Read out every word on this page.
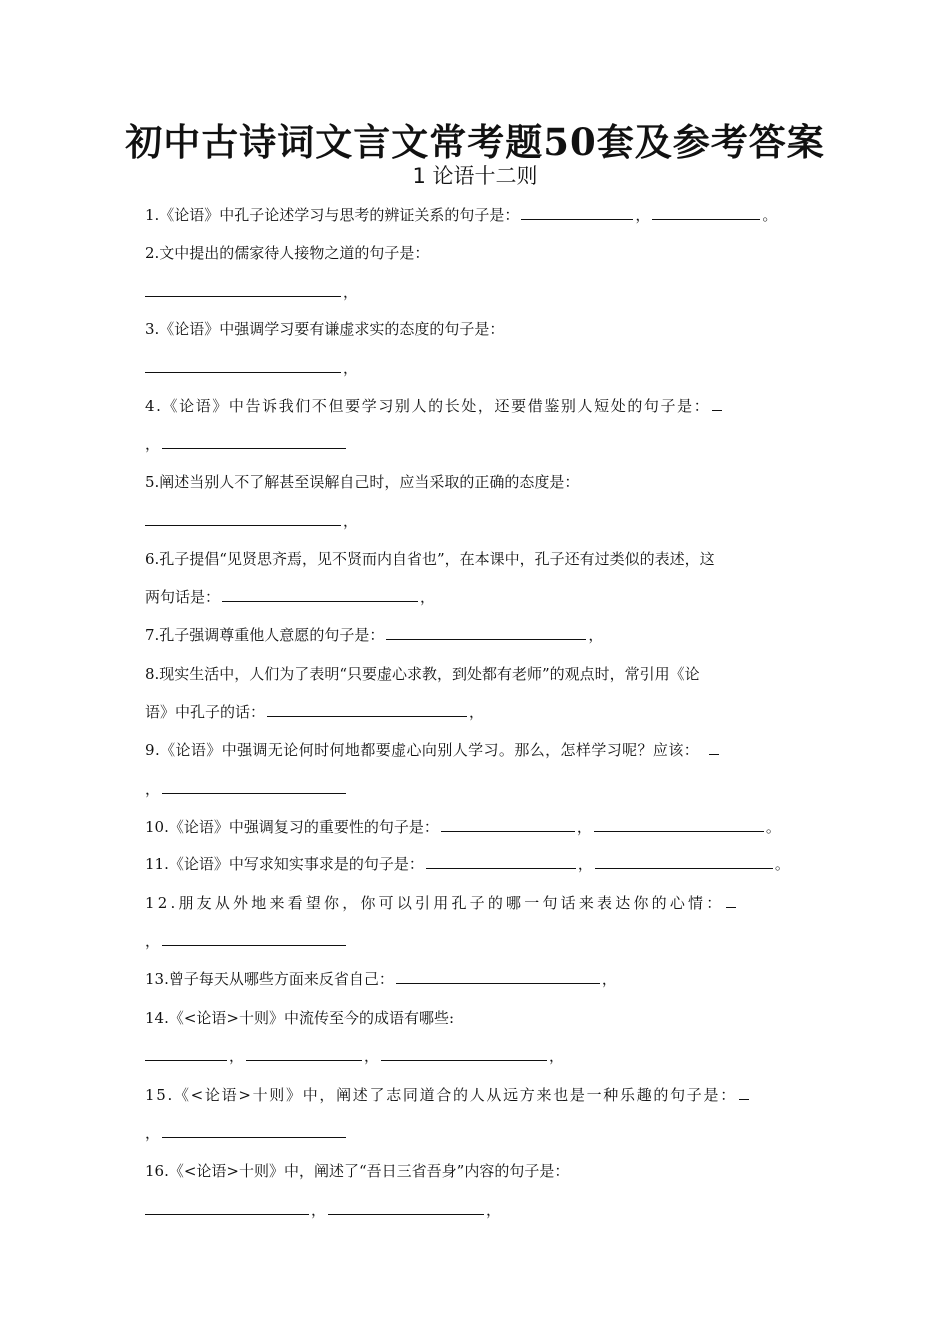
初中古诗词文言文常考题50套及参考答案
1 论语十二则
1.《论语》中孔子论述学习与思考的辨证关系的句子是：	，	。
2.文中提出的儒家待人接物之道的句子是：
，
3.《论语》中强调学习要有谦虚求实的态度的句子是：
，
4.《论语》中告诉我们不但要学习别人的长处，还要借鉴别人短处的句子是：
，
5.阐述当别人不了解甚至误解自己时，应当采取的正确的态度是：
，
6.孔子提倡“见贤思齐焉，见不贤而内自省也”，在本课中，孔子还有过类似的表述，这
两句话是：	，
7.孔子强调尊重他人意愿的句子是：	，
8.现实生活中，人们为了表明“只要虚心求教，到处都有老师”的观点时，常引用《论
语》中孔子的话：	，
9.《论语》中强调无论何时何地都要虚心向别人学习。那么，怎样学习呢？应该：
，
10.《论语》中强调复习的重要性的句子是：	，	。
11.《论语》中写求知实事求是的句子是：	，	。
12.朋友从外地来看望你，你可以引用孔子的哪一句话来表达你的心情：
，
13.曾子每天从哪些方面来反省自己：	，
14.《<论语>十则》中流传至今的成语有哪些:
，	，	，
15.《<论语>十则》中，阐述了志同道合的人从远方来也是一种乐趣的句子是：
，
16.《<论语>十则》中，阐述了“吾日三省吾身”内容的句子是：
，	，
